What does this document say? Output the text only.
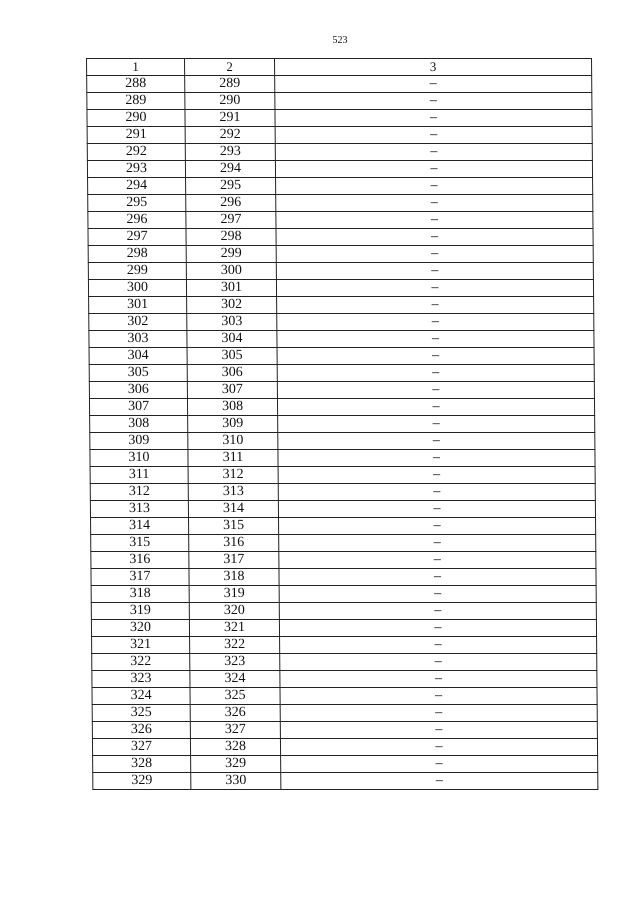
523
1	2	3
288	289	–
289	290	–
290	291	–
291	292	–
292	293	–
293	294	–
294	295	–
295	296	–
296	297	–
297	298	–
298	299	–
299	300	–
300	301	–
301	302	–
302	303	–
303	304	–
304	305	–
305	306	–
306	307	–
307	308	–
308	309	–
309	310	–
310	311	–
311	312	–
312	313	–
313	314	–
314	315	–
315	316	–
316	317	–
317	318	–
318	319	–
319	320	–
320	321	–
321	322	–
322	323	–
323	324	–
324	325	–
325	326	–
326	327	–
327	328	–
328	329	–
329	330	–
